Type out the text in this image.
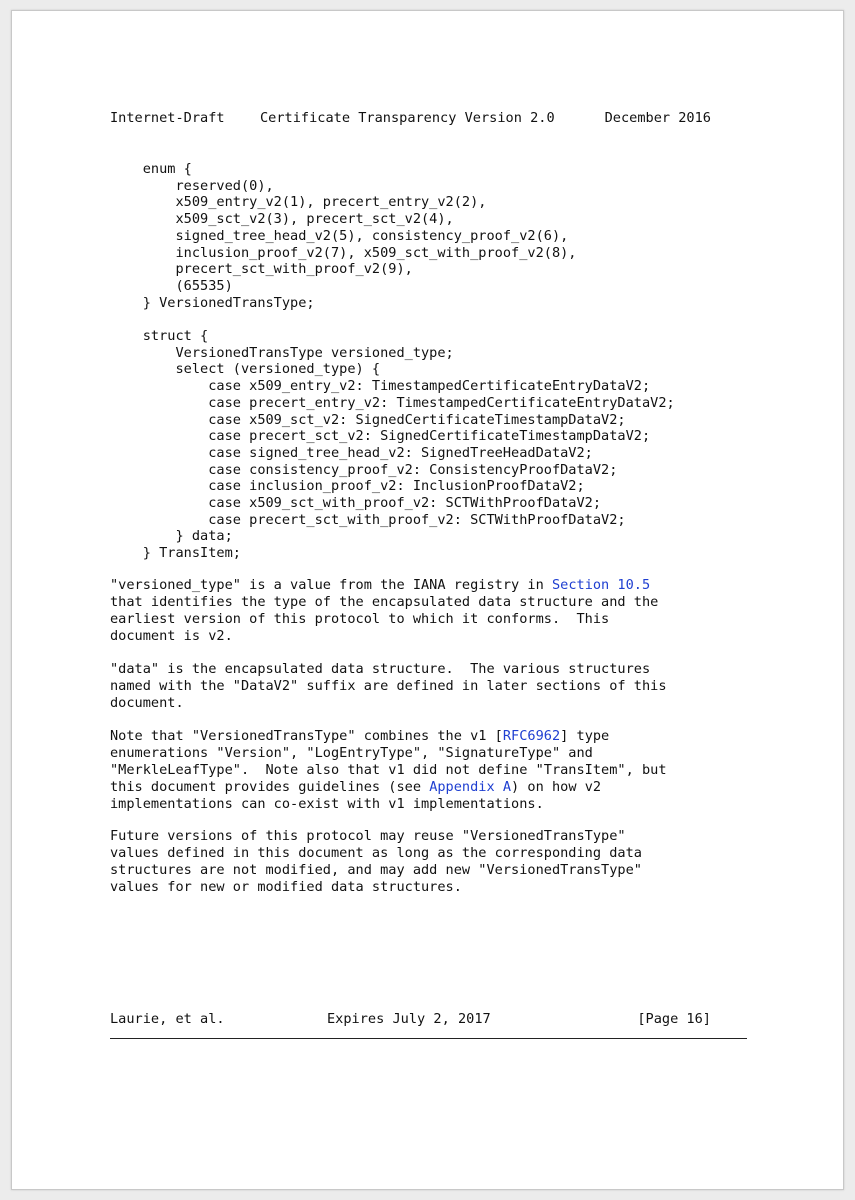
Internet-Draft

	Certificate Transparency Version 2.0

	December 2016

enum {
reserved(0),
x509_entry_v2(1), precert_entry_v2(2),
x509_sct_v2(3), precert_sct_v2(4),
signed_tree_head_v2(5), consistency_proof_v2(6),
inclusion_proof_v2(7), x509_sct_with_proof_v2(8),
precert_sct_with_proof_v2(9),
(65535)
} VersionedTransType;
struct {
VersionedTransType versioned_type;
select (versioned_type) {
case x509_entry_v2: TimestampedCertificateEntryDataV2;
case precert_entry_v2: TimestampedCertificateEntryDataV2;
case x509_sct_v2: SignedCertificateTimestampDataV2;
case precert_sct_v2: SignedCertificateTimestampDataV2;
case signed_tree_head_v2: SignedTreeHeadDataV2;
case consistency_proof_v2: ConsistencyProofDataV2;
case inclusion_proof_v2: InclusionProofDataV2;
case x509_sct_with_proof_v2: SCTWithProofDataV2;
case precert_sct_with_proof_v2: SCTWithProofDataV2;
} data;
} TransItem;
"versioned_type" is a value from the IANA registry in Section 10.5
that identifies the type of the encapsulated data structure and the
earliest version of this protocol to which it conforms.  This
document is v2.
"data" is the encapsulated data structure.  The various structures
named with the "DataV2" suffix are defined in later sections of this
document.
Note that "VersionedTransType" combines the v1 [RFC6962] type
enumerations "Version", "LogEntryType", "SignatureType" and
"MerkleLeafType".  Note also that v1 did not define "TransItem", but
this document provides guidelines (see Appendix A) on how v2
implementations can co-exist with v1 implementations.
Future versions of this protocol may reuse "VersionedTransType"
values defined in this document as long as the corresponding data
structures are not modified, and may add new "VersionedTransType"
values for new or modified data structures.

Laurie, et al.

	Expires July 2, 2017

	[Page 16]
